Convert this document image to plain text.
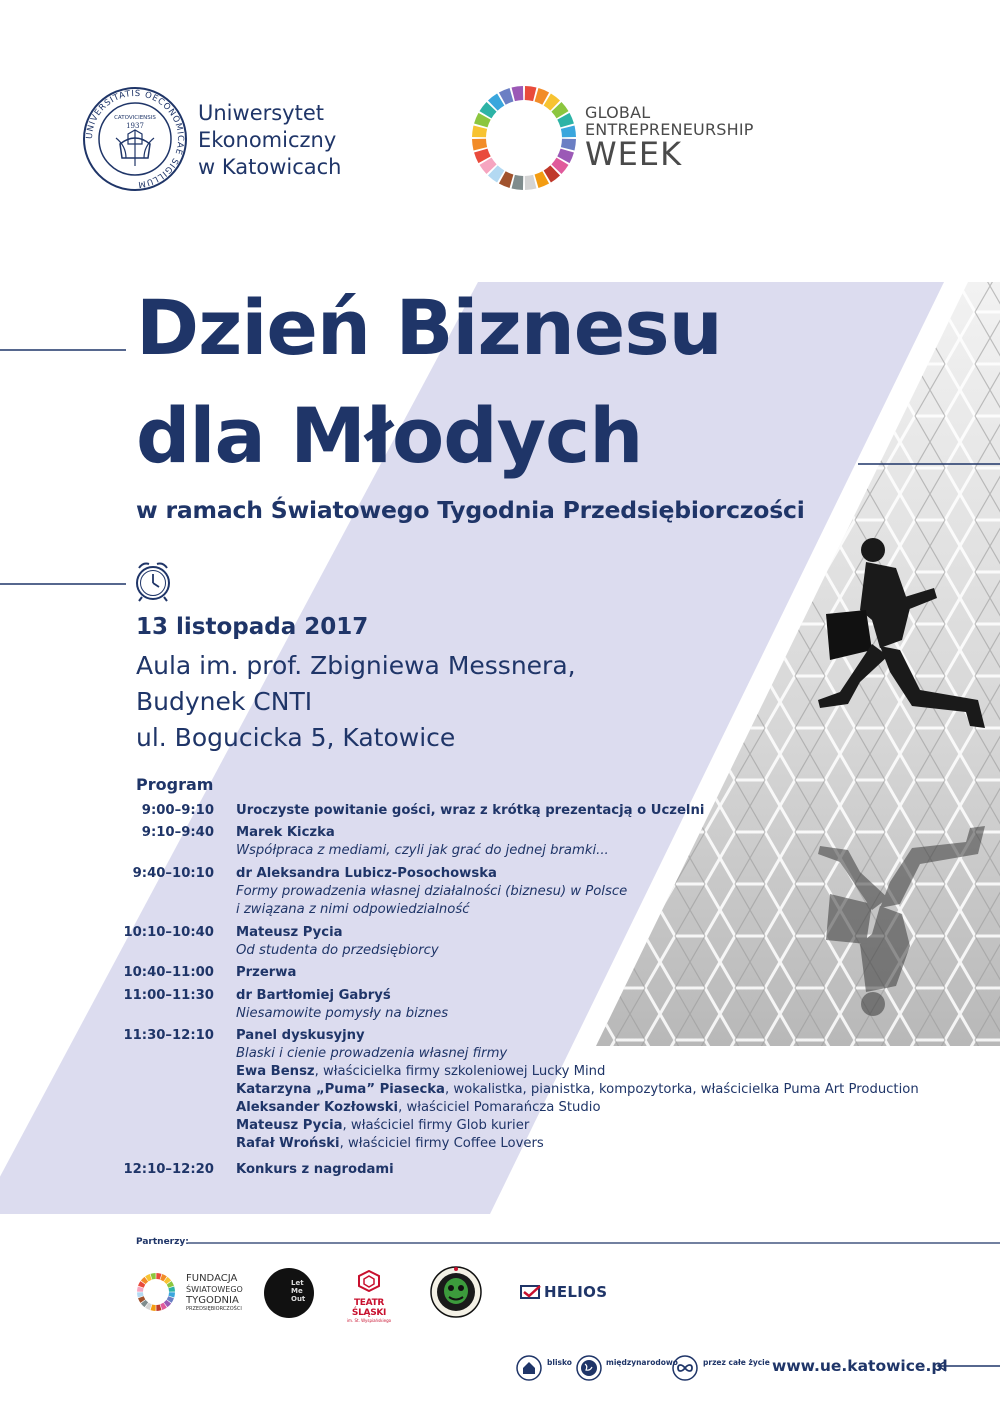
UNIVERSITATIS OECONOMICAE SIGILLUM
CATOVICIENSIS
1937
Uniwersytet
Ekonomiczny
w Katowicach
GLOBAL
ENTREPRENEURSHIP
WEEK
Dzień Biznesu
dla Młodych
w ramach Światowego Tygodnia Przedsiębiorczości
13 listopada 2017
Aula im. prof. Zbigniewa Messnera,
Budynek CNTI
ul. Bogucicka 5, Katowice
Program
9:00–9:10 Uroczyste powitanie gości, wraz z krótką prezentacją o Uczelni
9:10–9:40 Marek Kiczka
Współpraca z mediami, czyli jak grać do jednej bramki...
9:40–10:10 dr Aleksandra Lubicz-Posochowska
Formy prowadzenia własnej działalności (biznesu) w Polsce
i związana z nimi odpowiedzialność
10:10–10:40 Mateusz Pycia
Od studenta do przedsiębiorcy
10:40–11:00 Przerwa
11:00–11:30 dr Bartłomiej Gabryś
Niesamowite pomysły na biznes
11:30–12:10 Panel dyskusyjny
Blaski i cienie prowadzenia własnej firmy
Ewa Bensz, właścicielka firmy szkoleniowej Lucky Mind
Katarzyna „Puma” Piasecka, wokalistka, pianistka, kompozytorka, właścicielka Puma Art Production
Aleksander Kozłowski, właściciel Pomarańcza Studio
Mateusz Pycia, właściciel firmy Glob kurier
Rafał Wroński, właściciel firmy Coffee Lovers
12:10–12:20 Konkurs z nagrodami
Partnerzy:
FUNDACJA
ŚWIATOWEGO
TYGODNIA
PRZEDSIĘBIORCZOŚCI
Let Me Out	TEATR ŚLĄSKI
im. St. Wyspiańskiego
HELIOS
blisko	międzynarodowo	przez całe życie www.ue.katowice.pl
